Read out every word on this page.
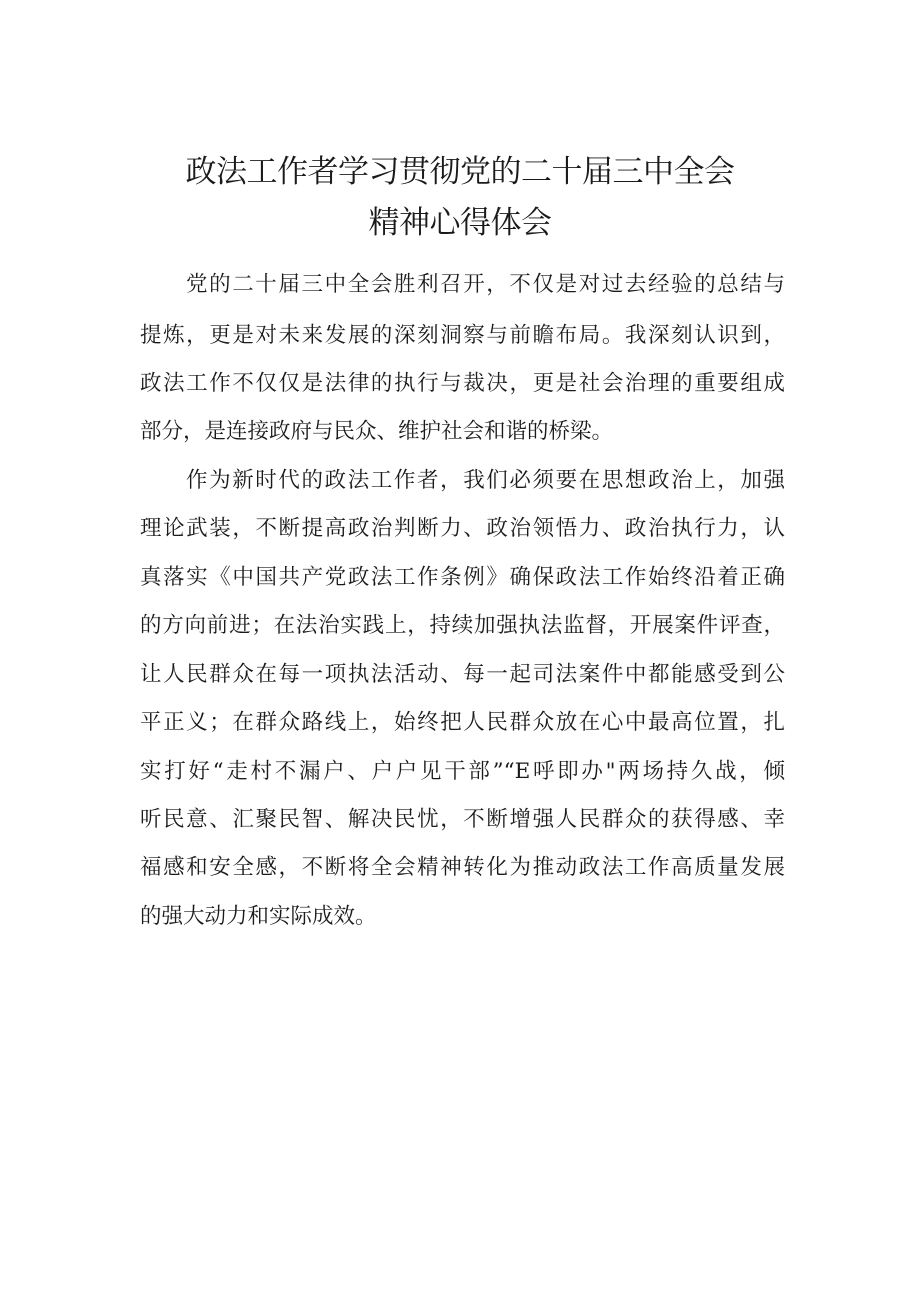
政法工作者学习贯彻党的二十届三中全会
精神心得体会
党的二十届三中全会胜利召开，不仅是对过去经验的总结与
提炼，更是对未来发展的深刻洞察与前瞻布局。我深刻认识到，
政法工作不仅仅是法律的执行与裁决，更是社会治理的重要组成
部分，是连接政府与民众、维护社会和谐的桥梁。
作为新时代的政法工作者，我们必须要在思想政治上，加强
理论武装，不断提高政治判断力、政治领悟力、政治执行力，认
真落实《中国共产党政法工作条例》确保政法工作始终沿着正确
的方向前进；在法治实践上，持续加强执法监督，开展案件评查，
让人民群众在每一项执法活动、每一起司法案件中都能感受到公
平正义；在群众路线上，始终把人民群众放在心中最高位置，扎
实打好“走村不漏户、户户见干部”“E呼即办"两场持久战，倾
听民意、汇聚民智、解决民忧，不断增强人民群众的获得感、幸
福感和安全感，不断将全会精神转化为推动政法工作高质量发展
的强大动力和实际成效。
